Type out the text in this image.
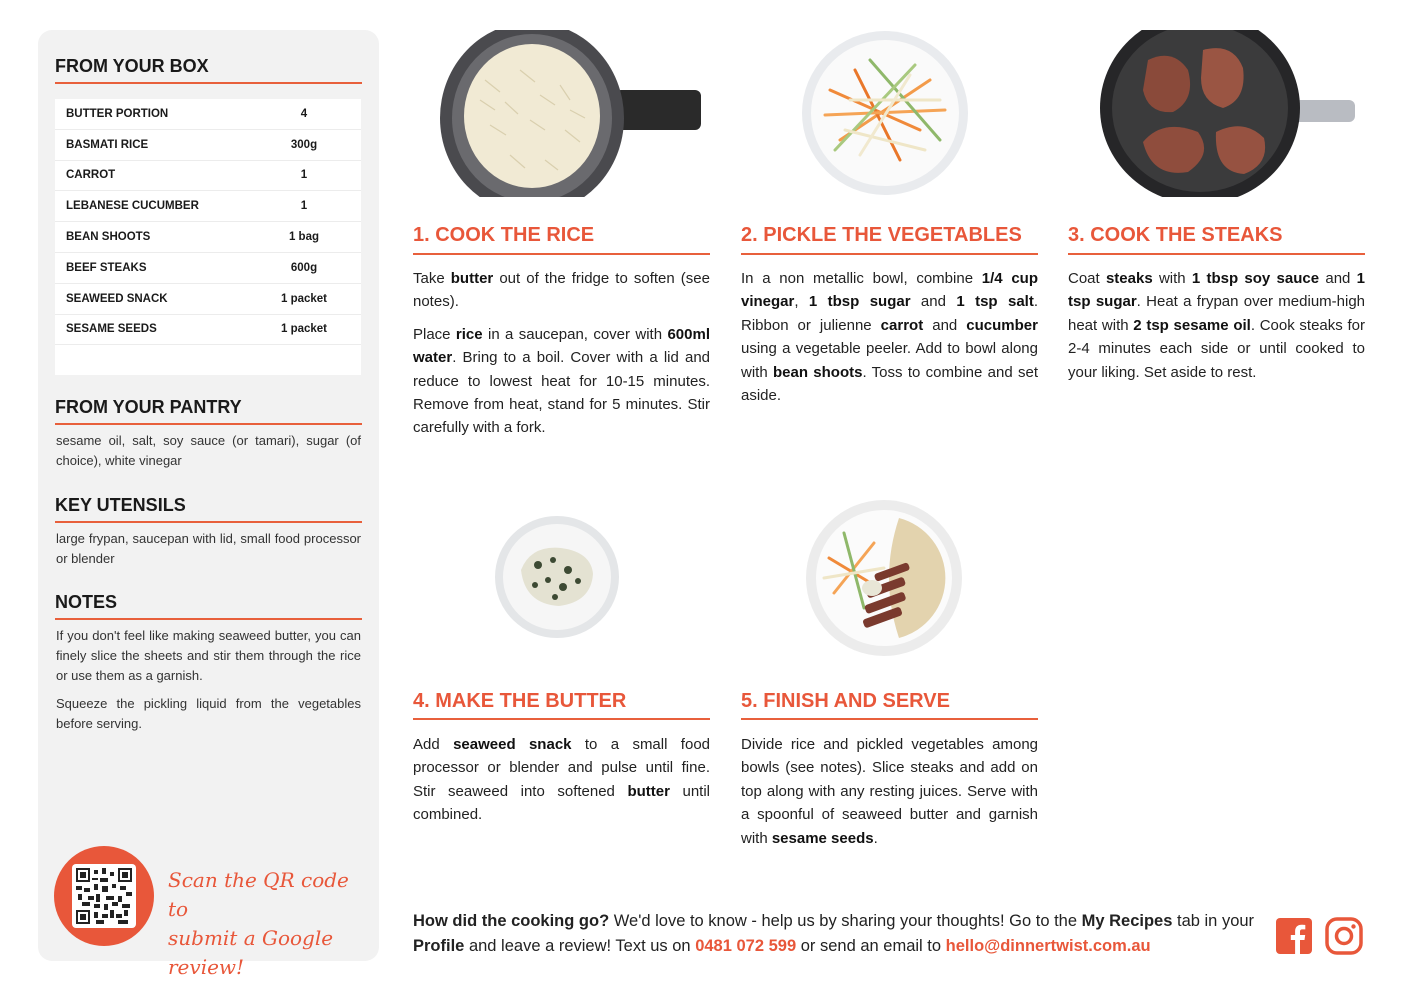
FROM YOUR BOX
BUTTER PORTION	4
BASMATI RICE	300g
CARROT	1
LEBANESE CUCUMBER	1
BEAN SHOOTS	1 bag
BEEF STEAKS	600g
SEAWEED SNACK	1 packet
SESAME SEEDS	1 packet
FROM YOUR PANTRY
sesame oil, salt, soy sauce (or tamari), sugar (of choice), white vinegar
KEY UTENSILS
large frypan, saucepan with lid, small food processor or blender
NOTES
If you don't feel like making seaweed butter, you can finely slice the sheets and stir them through the rice or use them as a garnish.
Squeeze the pickling liquid from the vegetables before serving.
Scan the QR code to
submit a Google review!
1. COOK THE RICE

Take butter out of the fridge to soften (see notes).

Place rice in a saucepan, cover with 600ml water. Bring to a boil. Cover with a lid and reduce to lowest heat for 10-15 minutes. Remove from heat, stand for 5 minutes. Stir carefully with a fork.

2. PICKLE THE VEGETABLES

In a non metallic bowl, combine 1/4 cup vinegar, 1 tbsp sugar and 1 tsp salt. Ribbon or julienne carrot and cucumber using a vegetable peeler. Add to bowl along with bean shoots. Toss to combine and set aside.

3. COOK THE STEAKS

Coat steaks with 1 tbsp soy sauce and 1 tsp sugar. Heat a frypan over medium-high heat with 2 tsp sesame oil. Cook steaks for 2-4 minutes each side or until cooked to your liking. Set aside to rest.

4. MAKE THE BUTTER

Add seaweed snack to a small food processor or blender and pulse until fine. Stir seaweed into softened butter until combined.

5. FINISH AND SERVE

Divide rice and pickled vegetables among bowls (see notes). Slice steaks and add on top along with any resting juices. Serve with a spoonful of seaweed butter and garnish with sesame seeds.

How did the cooking go? We'd love to know - help us by sharing your thoughts! Go to the My Recipes tab in your Profile and leave a review! Text us on 0481 072 599 or send an email to hello@dinnertwist.com.au
